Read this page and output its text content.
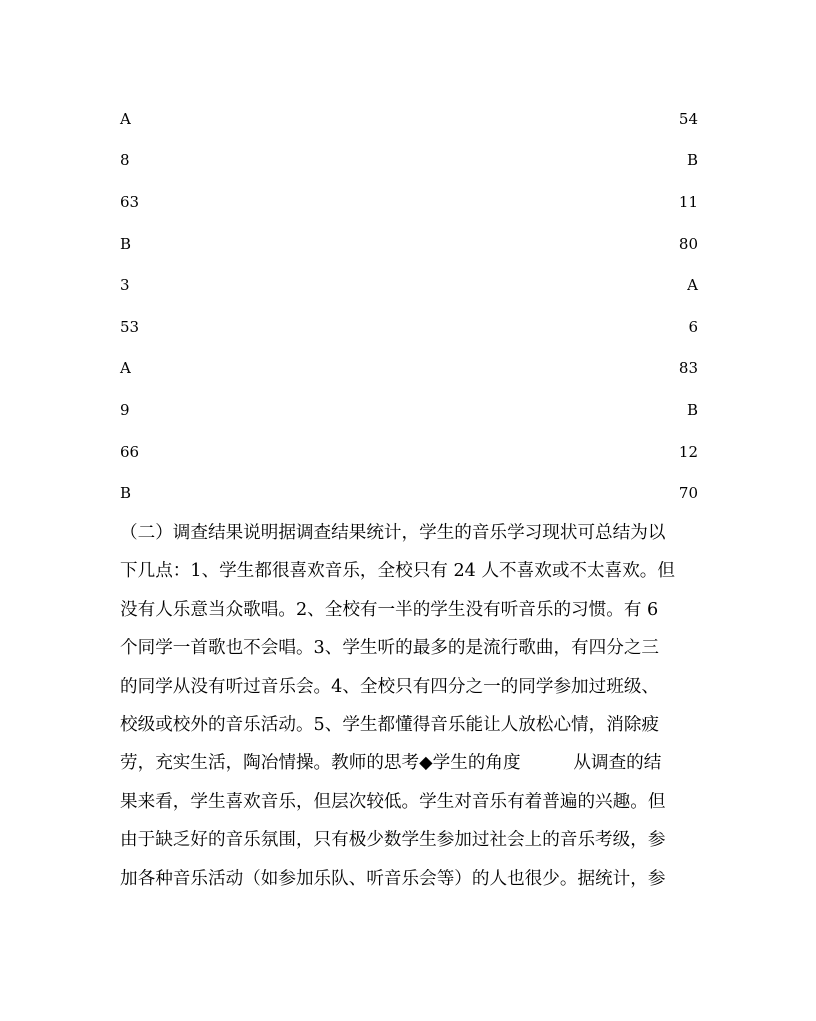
A	54
8	B
63	11
B	80
3	A
53	6
A	83
9	B
66	12
B	70
（二）调查结果说明据调查结果统计，学生的音乐学习现状可总结为以
下几点：1、学生都很喜欢音乐，全校只有 24 人不喜欢或不太喜欢。但
没有人乐意当众歌唱。2、全校有一半的学生没有听音乐的习惯。有 6
个同学一首歌也不会唱。3、学生听的最多的是流行歌曲，有四分之三
的同学从没有听过音乐会。4、全校只有四分之一的同学参加过班级、
校级或校外的音乐活动。5、学生都懂得音乐能让人放松心情，消除疲
劳，充实生活，陶冶情操。教师的思考◆学生的角度　　　从调查的结
果来看，学生喜欢音乐，但层次较低。学生对音乐有着普遍的兴趣。但
由于缺乏好的音乐氛围，只有极少数学生参加过社会上的音乐考级，参
加各种音乐活动（如参加乐队、听音乐会等）的人也很少。据统计，参
